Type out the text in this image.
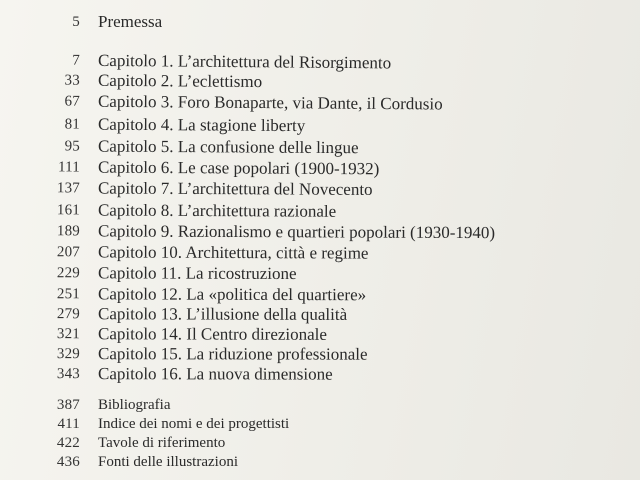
5 Premessa
7 Capitolo 1. L’architettura del Risorgimento
33 Capitolo 2. L’eclettismo
67 Capitolo 3. Foro Bonaparte, via Dante, il Cordusio
81 Capitolo 4. La stagione liberty
95 Capitolo 5. La confusione delle lingue
111 Capitolo 6. Le case popolari (1900-1932)
137 Capitolo 7. L’architettura del Novecento
161 Capitolo 8. L’architettura razionale
189 Capitolo 9. Razionalismo e quartieri popolari (1930-1940)
207 Capitolo 10. Architettura, città e regime
229 Capitolo 11. La ricostruzione
251 Capitolo 12. La «politica del quartiere»
279 Capitolo 13. L’illusione della qualità
321 Capitolo 14. Il Centro direzionale
329 Capitolo 15. La riduzione professionale
343 Capitolo 16. La nuova dimensione
387 Bibliografia
411 Indice dei nomi e dei progettisti
422 Tavole di riferimento
436 Fonti delle illustrazioni
